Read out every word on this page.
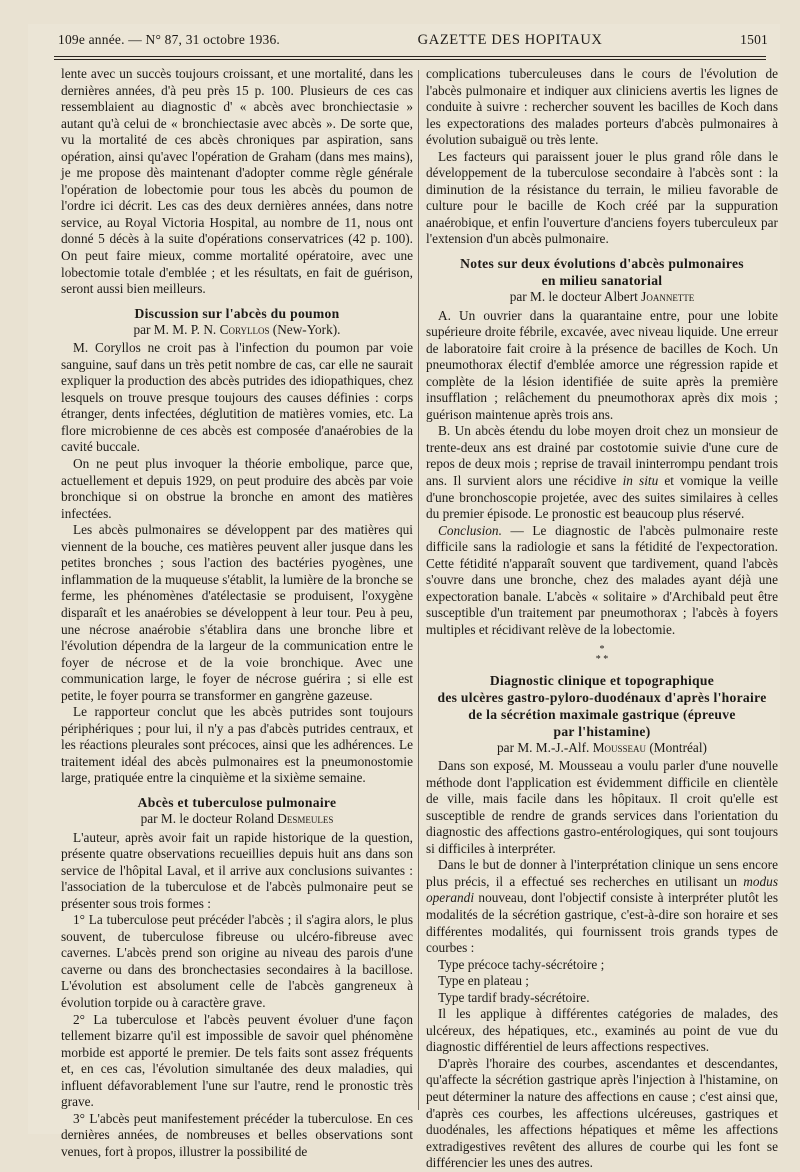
109e année. — N° 87, 31 octobre 1936.	GAZETTE DES HOPITAUX	1501

lente avec un succès toujours croissant, et une mortalité, dans les dernières années, d'à peu près 15 p. 100. Plusieurs de ces cas ressemblaient au diagnostic d' « abcès avec bronchiectasie » autant qu'à celui de « bronchiectasie avec abcès ». De sorte que, vu la mortalité de ces abcès chroniques par aspiration, sans opération, ainsi qu'avec l'opération de Graham (dans mes mains), je me propose dès maintenant d'adopter comme règle générale l'opération de lobectomie pour tous les abcès du poumon de l'ordre ici décrit. Les cas des deux dernières années, dans notre service, au Royal Victoria Hospital, au nombre de 11, nous ont donné 5 décès à la suite d'opérations conservatrices (42 p. 100). On peut faire mieux, comme mortalité opératoire, avec une lobectomie totale d'emblée ; et les résultats, en fait de guérison, seront aussi bien meilleurs.

Discussion sur l'abcès du poumon

par M. M. P. N. Coryllos (New-York).

M. Coryllos ne croit pas à l'infection du poumon par voie sanguine, sauf dans un très petit nombre de cas, car elle ne saurait expliquer la production des abcès putrides des idiopathiques, chez lesquels on trouve presque toujours des causes définies : corps étranger, dents infectées, déglutition de matières vomies, etc. La flore microbienne de ces abcès est composée d'anaérobies de la cavité buccale.

On ne peut plus invoquer la théorie embolique, parce que, actuellement et depuis 1929, on peut produire des abcès par voie bronchique si on obstrue la bronche en amont des matières infectées.

Les abcès pulmonaires se développent par des matières qui viennent de la bouche, ces matières peuvent aller jusque dans les petites bronches ; sous l'action des bactéries pyogènes, une inflammation de la muqueuse s'établit, la lumière de la bronche se ferme, les phénomènes d'atélectasie se produisent, l'oxygène disparaît et les anaérobies se développent à leur tour. Peu à peu, une nécrose anaérobie s'établira dans une bronche libre et l'évolution dépendra de la largeur de la communication entre le foyer de nécrose et de la voie bronchique. Avec une communication large, le foyer de nécrose guérira ; si elle est petite, le foyer pourra se transformer en gangrène gazeuse.

Le rapporteur conclut que les abcès putrides sont toujours périphériques ; pour lui, il n'y a pas d'abcès putrides centraux, et les réactions pleurales sont précoces, ainsi que les adhérences. Le traitement idéal des abcès pulmonaires est la pneumonostomie large, pratiquée entre la cinquième et la sixième semaine.

Abcès et tuberculose pulmonaire

par M. le docteur Roland Desmeules

L'auteur, après avoir fait un rapide historique de la question, présente quatre observations recueillies depuis huit ans dans son service de l'hôpital Laval, et il arrive aux conclusions suivantes : l'association de la tuberculose et de l'abcès pulmonaire peut se présenter sous trois formes :

1° La tuberculose peut précéder l'abcès ; il s'agira alors, le plus souvent, de tuberculose fibreuse ou ulcéro-fibreuse avec cavernes. L'abcès prend son origine au niveau des parois d'une caverne ou dans des bronchectasies secondaires à la bacillose. L'évolution est absolument celle de l'abcès gangreneux à évolution torpide ou à caractère grave.

2° La tuberculose et l'abcès peuvent évoluer d'une façon tellement bizarre qu'il est impossible de savoir quel phénomène morbide est apporté le premier. De tels faits sont assez fréquents et, en ces cas, l'évolution simultanée des deux maladies, qui influent défavorablement l'une sur l'autre, rend le pronostic très grave.

3° L'abcès peut manifestement précéder la tuberculose. En ces dernières années, de nombreuses et belles observations sont venues, fort à propos, illustrer la possibilité de

complications tuberculeuses dans le cours de l'évolution de l'abcès pulmonaire et indiquer aux cliniciens avertis les lignes de conduite à suivre : rechercher souvent les bacilles de Koch dans les expectorations des malades porteurs d'abcès pulmonaires à évolution subaiguë ou très lente.

Les facteurs qui paraissent jouer le plus grand rôle dans le développement de la tuberculose secondaire à l'abcès sont : la diminution de la résistance du terrain, le milieu favorable de culture pour le bacille de Koch créé par la suppuration anaérobique, et enfin l'ouverture d'anciens foyers tuberculeux par l'extension d'un abcès pulmonaire.

Notes sur deux évolutions d'abcès pulmonaires
en milieu sanatorial

par M. le docteur Albert Joannette

A. Un ouvrier dans la quarantaine entre, pour une lobite supérieure droite fébrile, excavée, avec niveau liquide. Une erreur de laboratoire fait croire à la présence de bacilles de Koch. Un pneumothorax électif d'emblée amorce une régression rapide et complète de la lésion identifiée de suite après la première insufflation ; relâchement du pneumothorax après dix mois ; guérison maintenue après trois ans.

B. Un abcès étendu du lobe moyen droit chez un monsieur de trente-deux ans est drainé par costotomie suivie d'une cure de repos de deux mois ; reprise de travail ininterrompu pendant trois ans. Il survient alors une récidive in situ et vomique la veille d'une bronchoscopie projetée, avec des suites similaires à celles du premier épisode. Le pronostic est beaucoup plus réservé.

Conclusion. — Le diagnostic de l'abcès pulmonaire reste difficile sans la radiologie et sans la fétidité de l'expectoration. Cette fétidité n'apparaît souvent que tardivement, quand l'abcès s'ouvre dans une bronche, chez des malades ayant déjà une expectoration banale. L'abcès « solitaire » d'Archibald peut être susceptible d'un traitement par pneumothorax ; l'abcès à foyers multiples et récidivant relève de la lobectomie.

*
* *

Diagnostic clinique et topographique
des ulcères gastro-pyloro-duodénaux d'après l'horaire
de la sécrétion maximale gastrique (épreuve
par l'histamine)

par M. M.-J.-Alf. Mousseau (Montréal)

Dans son exposé, M. Mousseau a voulu parler d'une nouvelle méthode dont l'application est évidemment difficile en clientèle de ville, mais facile dans les hôpitaux. Il croit qu'elle est susceptible de rendre de grands services dans l'orientation du diagnostic des affections gastro-entérologiques, qui sont toujours si difficiles à interpréter.

Dans le but de donner à l'interprétation clinique un sens encore plus précis, il a effectué ses recherches en utilisant un modus operandi nouveau, dont l'objectif consiste à interpréter plutôt les modalités de la sécrétion gastrique, c'est-à-dire son horaire et ses différentes modalités, qui fournissent trois grands types de courbes :

Type précoce tachy-sécrétoire ;
Type en plateau ;
Type tardif brady-sécrétoire.

Il les applique à différentes catégories de malades, des ulcéreux, des hépatiques, etc., examinés au point de vue du diagnostic différentiel de leurs affections respectives.

D'après l'horaire des courbes, ascendantes et descendantes, qu'affecte la sécrétion gastrique après l'injection à l'histamine, on peut déterminer la nature des affections en cause ; c'est ainsi que, d'après ces courbes, les affections ulcéreuses, gastriques et duodénales, les affections hépatiques et même les affections extradigestives revêtent des allures de courbe qui les font se différencier les unes des autres.
